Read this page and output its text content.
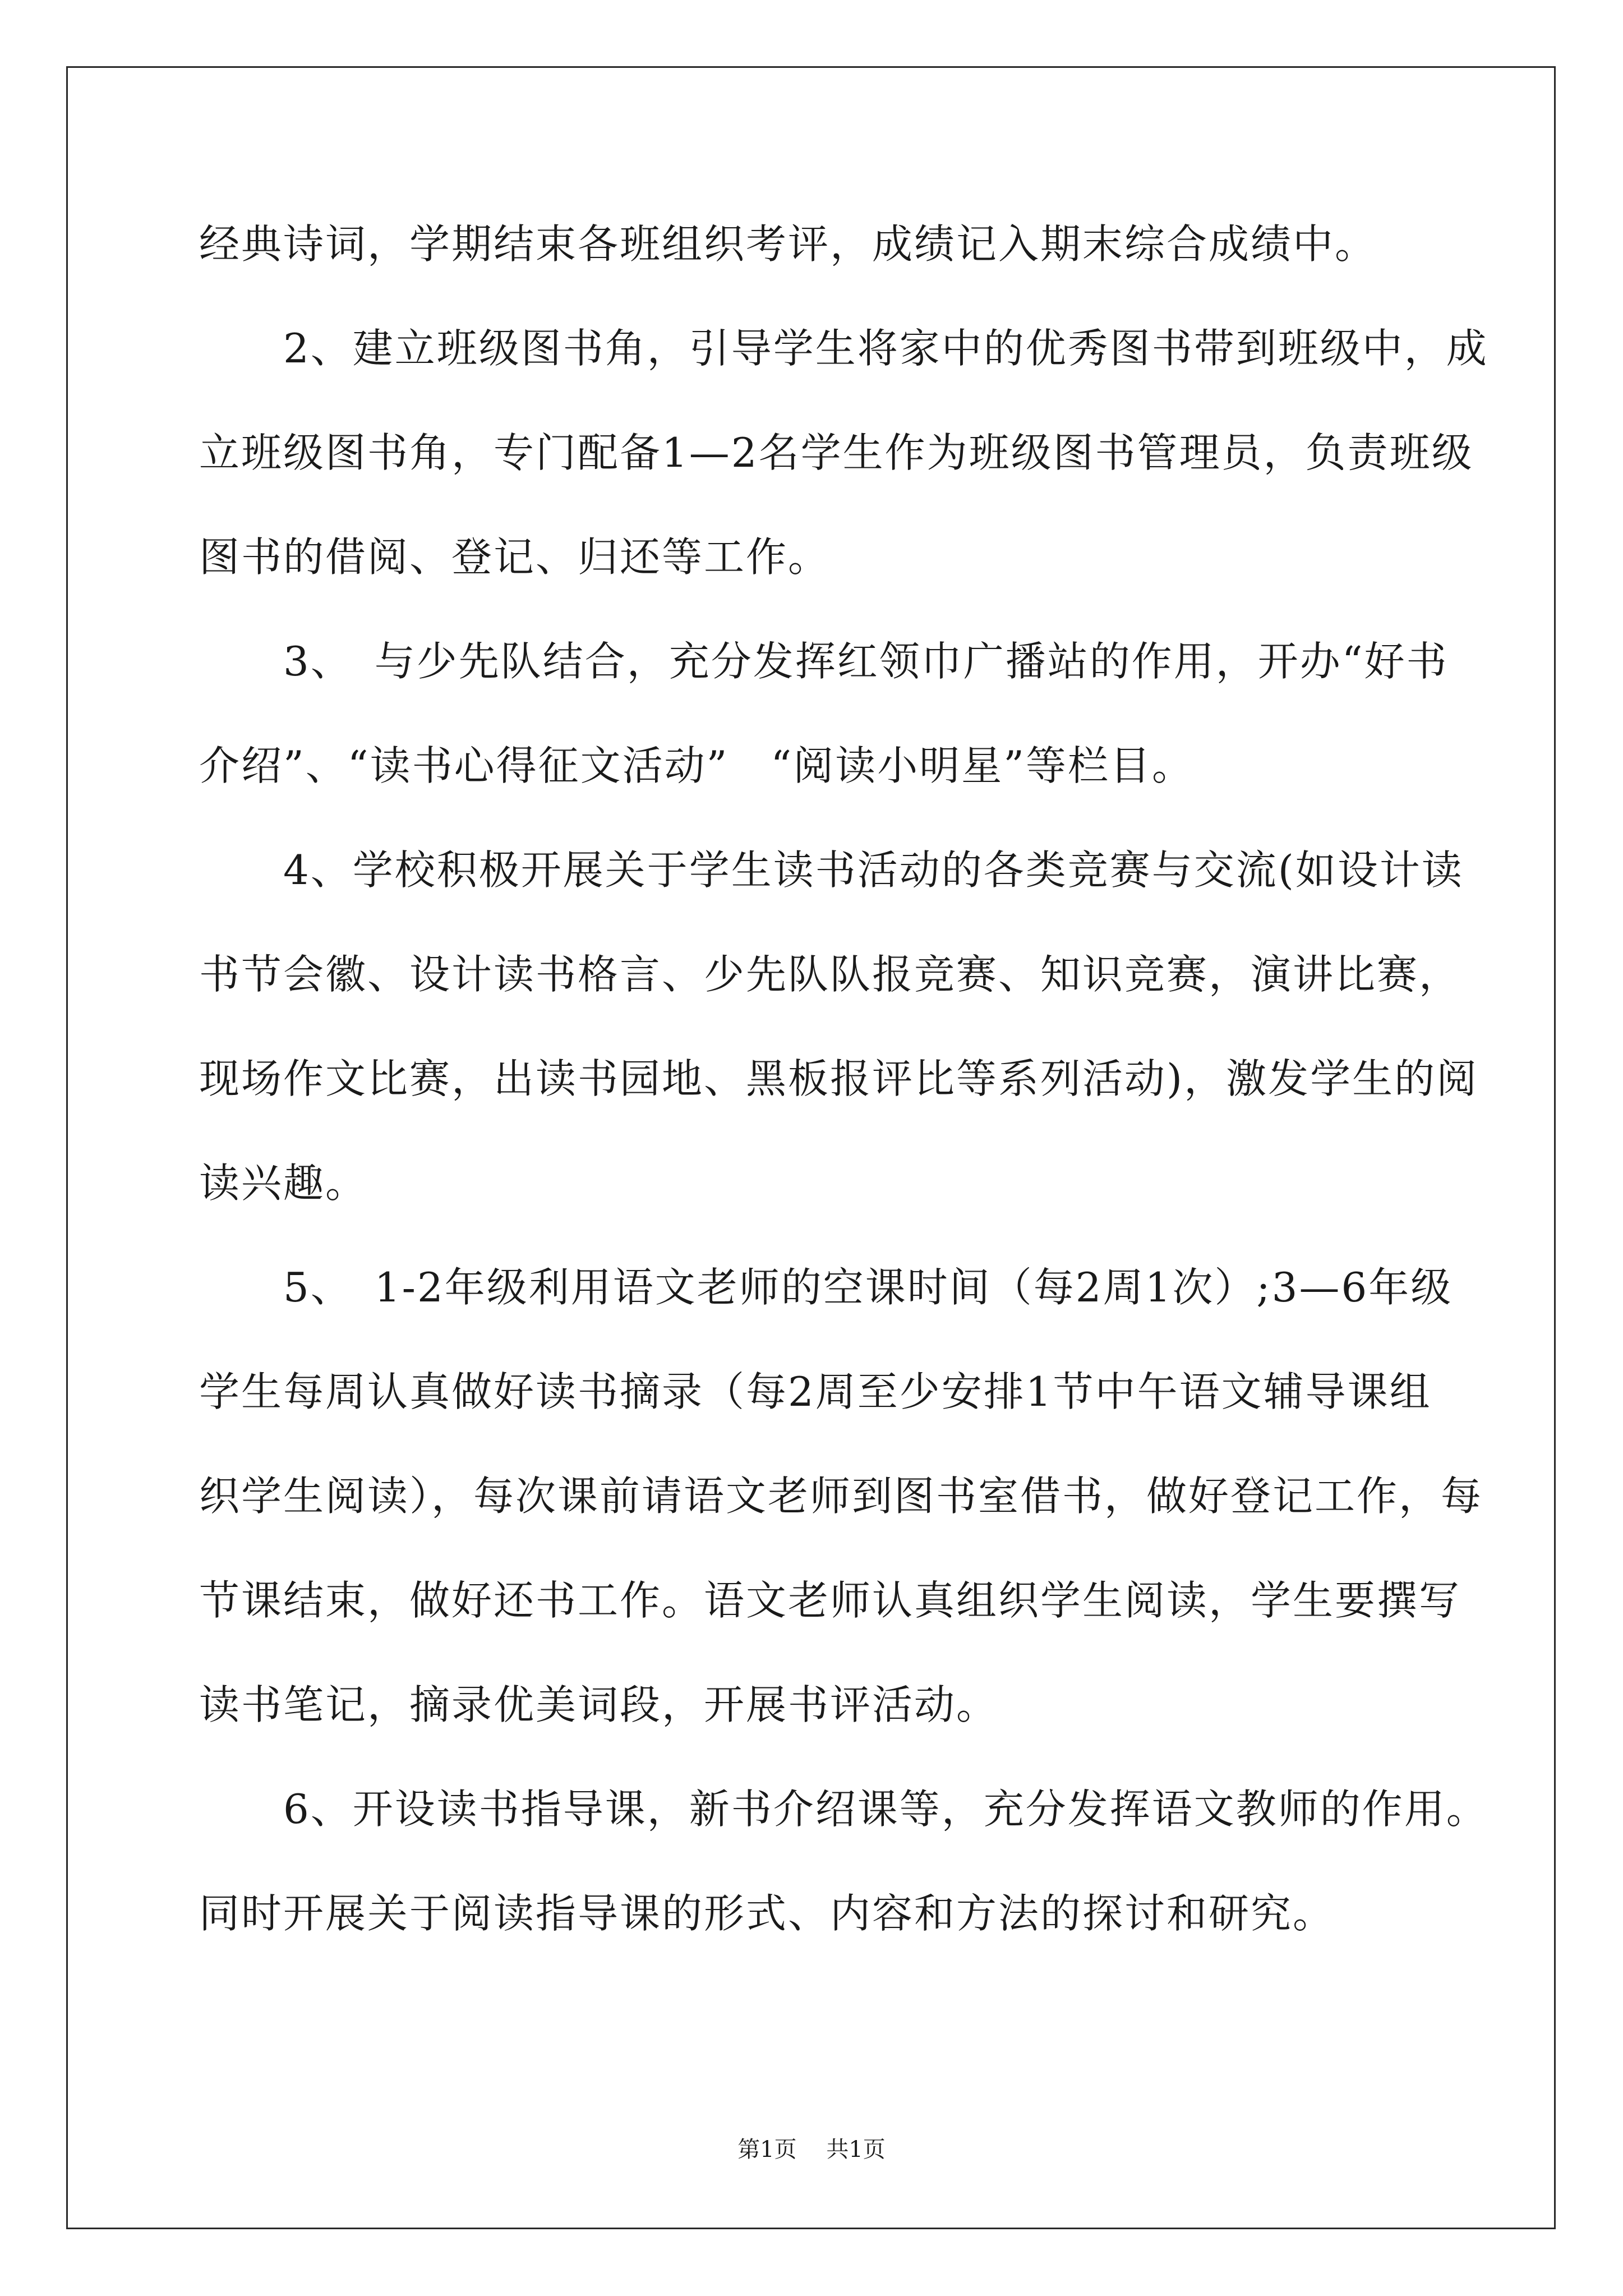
经典诗词，学期结束各班组织考评，成绩记入期末综合成绩中。
　　2、建立班级图书角，引导学生将家中的优秀图书带到班级中，成
立班级图书角，专门配备1—2名学生作为班级图书管理员，负责班级
图书的借阅、登记、归还等工作。
　　3、　与少先队结合，充分发挥红领巾广播站的作用，开办“好书
介绍”、“读书心得征文活动”　“阅读小明星”等栏目。
　　4、学校积极开展关于学生读书活动的各类竞赛与交流(如设计读
书节会徽、设计读书格言、少先队队报竞赛、知识竞赛，演讲比赛，
现场作文比赛，出读书园地、黑板报评比等系列活动)，激发学生的阅
读兴趣。
　　5、　1-2年级利用语文老师的空课时间（每2周1次）;3—6年级
学生每周认真做好读书摘录（每2周至少安排1节中午语文辅导课组
织学生阅读），每次课前请语文老师到图书室借书，做好登记工作，每
节课结束，做好还书工作。语文老师认真组织学生阅读，学生要撰写
读书笔记，摘录优美词段，开展书评活动。
　　6、开设读书指导课，新书介绍课等，充分发挥语文教师的作用。
同时开展关于阅读指导课的形式、内容和方法的探讨和研究。
第1页 共1页
